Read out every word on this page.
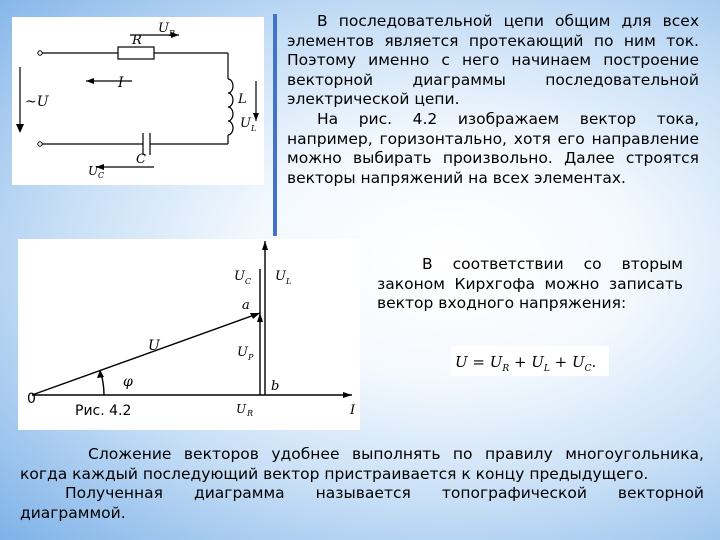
В последовательной цепи общим для всех элементов является протекающий по ним ток. Поэтому именно с него начинаем построение векторной диаграммы последовательной электрической цепи.

На рис. 4.2 изображаем вектор тока, например, горизонтально, хотя его направление можно выбирать произвольно. Далее строятся векторы напряжений на всех элементах.

R
U R
I
~U	L
U L
C
U C
U
φ
U P
U C U L
a
b
U R	I
0
Рис. 4.2
В соответствии со вторым законом Кирхгофа можно записать вектор входного напряжения:
$U = U_R + U_L + U_C$.

Сложение векторов удобнее выполнять по правилу многоугольника, когда каждый последующий вектор пристраивается к концу предыдущего.

Полученная диаграмма называется топографической векторной диаграммой.
